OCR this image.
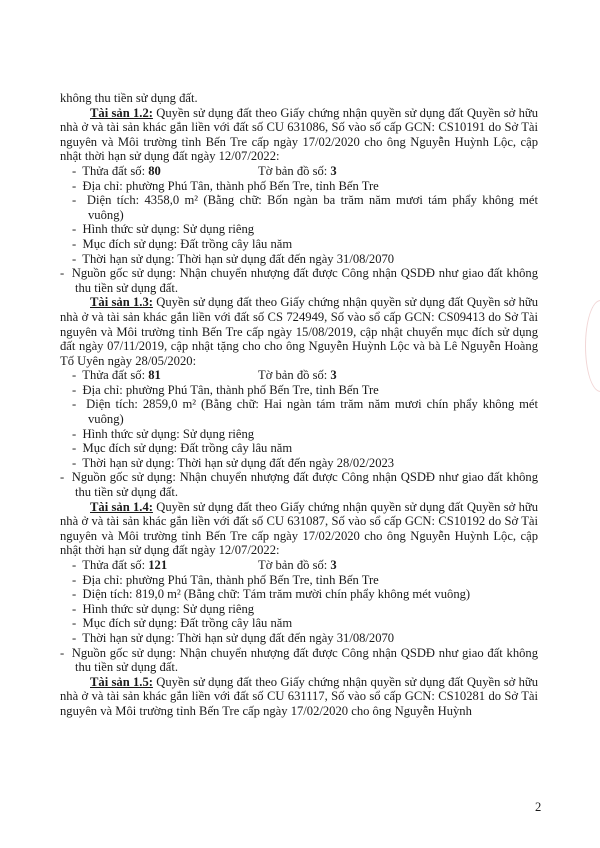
không thu tiền sử dụng đất.

Tài sản 1.2: Quyền sử dụng đất theo Giấy chứng nhận quyền sử dụng đất Quyền sở hữu nhà ở và tài sản khác gắn liền với đất số CU 631086, Số vào số cấp GCN: CS10191 do Sở Tài nguyên và Môi trường tỉnh Bến Tre cấp ngày 17/02/2020 cho ông Nguyễn Huỳnh Lộc, cập nhật thời hạn sử dụng đất ngày 12/07/2022:

- Thửa đất số: 80	Tờ bản đồ số: 3

- Địa chỉ: phường Phú Tân, thành phố Bến Tre, tỉnh Bến Tre

- Diện tích: 4358,0 m² (Bằng chữ: Bốn ngàn ba trăm năm mươi tám phẩy không mét vuông)

- Hình thức sử dụng: Sử dụng riêng

- Mục đích sử dụng: Đất trồng cây lâu năm

- Thời hạn sử dụng: Thời hạn sử dụng đất đến ngày 31/08/2070

- Nguồn gốc sử dụng: Nhận chuyển nhượng đất được Công nhận QSDĐ như giao đất không thu tiền sử dụng đất.

Tài sản 1.3: Quyền sử dụng đất theo Giấy chứng nhận quyền sử dụng đất Quyền sở hữu nhà ở và tài sản khác gắn liền với đất số CS 724949, Số vào sổ cấp GCN: CS09413 do Sở Tài nguyên và Môi trường tỉnh Bến Tre cấp ngày 15/08/2019, cập nhật chuyển mục đích sử dụng đất ngày 07/11/2019, cập nhật tặng cho cho ông Nguyễn Huỳnh Lộc và bà Lê Nguyễn Hoàng Tố Uyên ngày 28/05/2020:

- Thửa đất số: 81	Tờ bản đồ số: 3

- Địa chỉ: phường Phú Tân, thành phố Bến Tre, tỉnh Bến Tre

- Diện tích: 2859,0 m² (Bằng chữ: Hai ngàn tám trăm năm mươi chín phẩy không mét vuông)

- Hình thức sử dụng: Sử dụng riêng

- Mục đích sử dụng: Đất trồng cây lâu năm

- Thời hạn sử dụng: Thời hạn sử dụng đất đến ngày 28/02/2023

- Nguồn gốc sử dụng: Nhận chuyển nhượng đất được Công nhận QSDĐ như giao đất không thu tiền sử dụng đất.

Tài sản 1.4: Quyền sử dụng đất theo Giấy chứng nhận quyền sử dụng đất Quyền sở hữu nhà ở và tài sản khác gắn liền với đất số CU 631087, Số vào sổ cấp GCN: CS10192 do Sở Tài nguyên và Môi trường tỉnh Bến Tre cấp ngày 17/02/2020 cho ông Nguyễn Huỳnh Lộc, cập nhật thời hạn sử dụng đất ngày 12/07/2022:

- Thửa đất số: 121	Tờ bản đồ số: 3

- Địa chỉ: phường Phú Tân, thành phố Bến Tre, tỉnh Bến Tre

- Diện tích: 819,0 m² (Bằng chữ: Tám trăm mười chín phẩy không mét vuông)

- Hình thức sử dụng: Sử dụng riêng

- Mục đích sử dụng: Đất trồng cây lâu năm

- Thời hạn sử dụng: Thời hạn sử dụng đất đến ngày 31/08/2070

- Nguồn gốc sử dụng: Nhận chuyển nhượng đất được Công nhận QSDĐ như giao đất không thu tiền sử dụng đất.

Tài sản 1.5: Quyền sử dụng đất theo Giấy chứng nhận quyền sử dụng đất Quyền sở hữu nhà ở và tài sản khác gắn liền với đất số CU 631117, Số vào sổ cấp GCN: CS10281 do Sở Tài nguyên và Môi trường tỉnh Bến Tre cấp ngày 17/02/2020 cho ông Nguyễn Huỳnh

2
